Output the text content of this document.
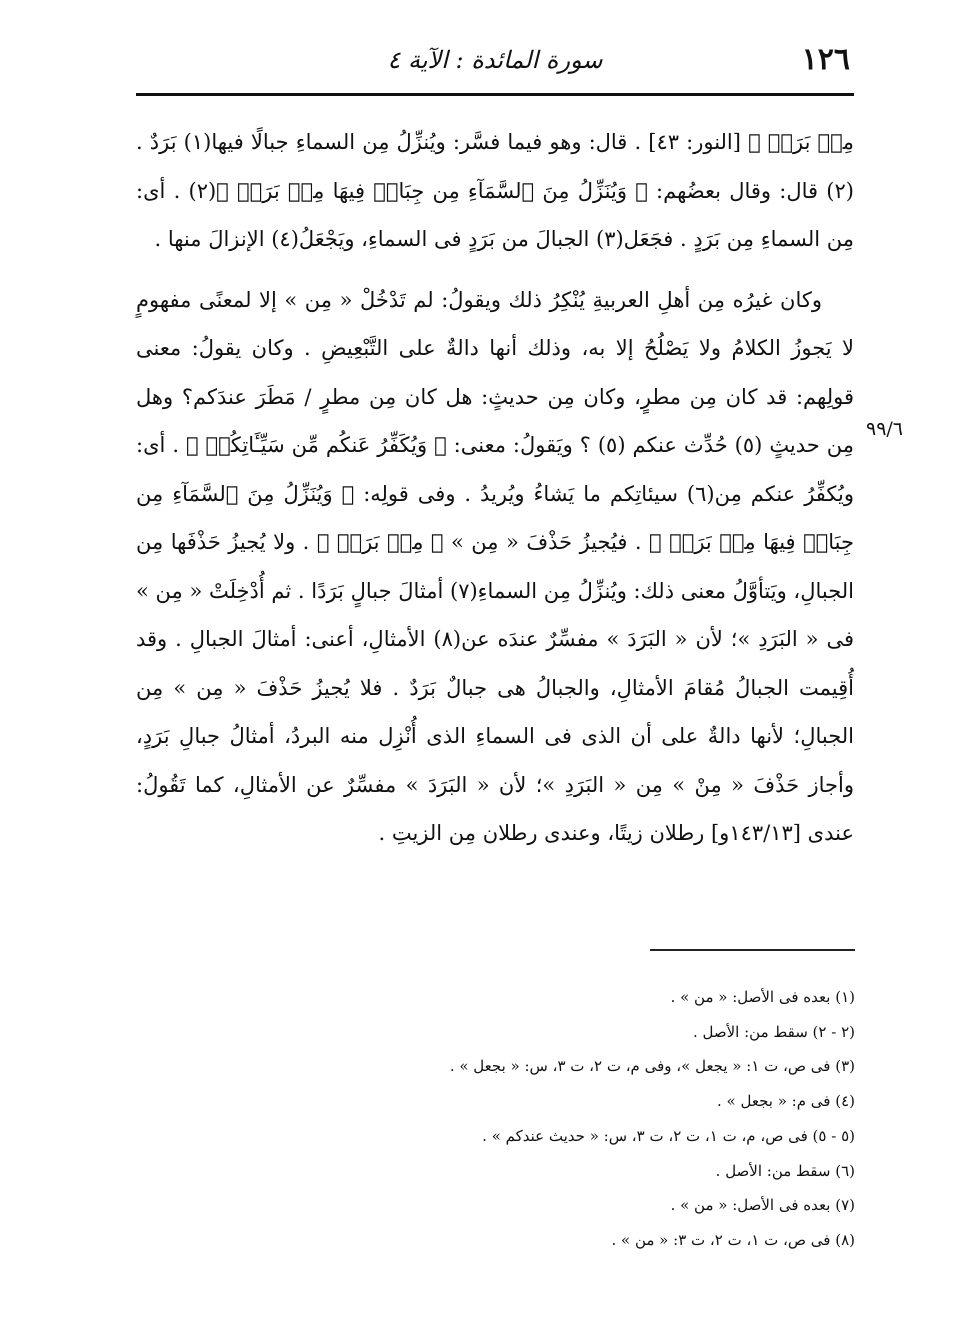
١٢٦
سورة المائدة : الآية ٤
٩٩/٦

مِنۢ بَرَدٖ ﴾ [النور: ٤٣] . قال: وهو فيما فسَّر: ويُنزِّلُ مِن السماءِ جبالًا فيها(١) بَرَدٌ .(٢) قال: وقال بعضُهم: ﴿ وَيُنَزِّلُ مِنَ ٱلسَّمَآءِ مِن جِبَالٖ فِيهَا مِنۢ بَرَدٖ ﴾(٢) . أى: مِن السماءِ مِن بَرَدٍ . فجَعَل(٣) الجبالَ من بَرَدٍ فى السماءِ، ويَجْعَلُ(٤) الإنزالَ منها .

وكان غيرُه مِن أهلِ العربيةِ يُنْكِرُ ذلك ويقولُ: لم تَدْخُلْ « مِن » إلا لمعنًى مفهومٍ لا يَجوزُ الكلامُ ولا يَصْلُحُ إلا به، وذلك أنها دالةٌ على التَّبْعِيضِ . وكان يقولُ: معنى قولِهم: قد كان مِن مطرٍ، وكان مِن حديثٍ: هل كان مِن مطرٍ / مَطَرَ عندَكم؟ وهل مِن حديثٍ (٥) حُدِّث عنكم (٥) ؟ ويَقولُ: معنى: ﴿ وَيُكَفِّرُ عَنكُم مِّن سَيِّـَٔاتِكُمۡ ﴾ . أى: ويُكفِّرُ عنكم مِن(٦) سيئاتِكم ما يَشاءُ ويُريدُ . وفى قولِه: ﴿ وَيُنَزِّلُ مِنَ ٱلسَّمَآءِ مِن جِبَالٖ فِيهَا مِنۢ بَرَدٖ ﴾ . فيُجيزُ حَذْفَ « مِن » ﴿ مِنۢ بَرَدٖ ﴾ . ولا يُجيزُ حَذْفَها مِن الجبالِ، ويَتأوَّلُ معنى ذلك: ويُنزِّلُ مِن السماءِ(٧) أمثالَ جبالٍ بَرَدًا . ثم أُدْخِلَتْ « مِن » فى « البَرَدِ »؛ لأن « البَرَدَ » مفسِّرٌ عندَه عن(٨) الأمثالِ، أعنى: أمثالَ الجبالِ . وقد أُقِيمت الجبالُ مُقامَ الأمثالِ، والجبالُ هى جبالٌ بَرَدٌ . فلا يُجيزُ حَذْفَ « مِن » مِن الجبالِ؛ لأنها دالةٌ على أن الذى فى السماءِ الذى أُنْزِل منه البردُ، أمثالُ جبالِ بَرَدٍ، وأجاز حَذْفَ « مِنْ » مِن « البَرَدِ »؛ لأن « البَرَدَ » مفسِّرٌ عن الأمثالِ، كما تَقُولُ: عندى [١٤٣/١٣و] رطلان زيتًا، وعندى رطلان مِن الزيتِ .

(١) بعده فى الأصل: « من » .

(٢ - ٢) سقط من: الأصل .

(٣) فى ص، ت ١: « يجعل »، وفى م، ت ٢، ت ٣، س: « بجعل » .

(٤) فى م: « بجعل » .

(٥ - ٥) فى ص، م، ت ١، ت ٢، ت ٣، س: « حديث عندكم » .

(٦) سقط من: الأصل .

(٧) بعده فى الأصل: « من » .

(٨) فى ص، ت ١، ت ٢، ت ٣: « من » .
